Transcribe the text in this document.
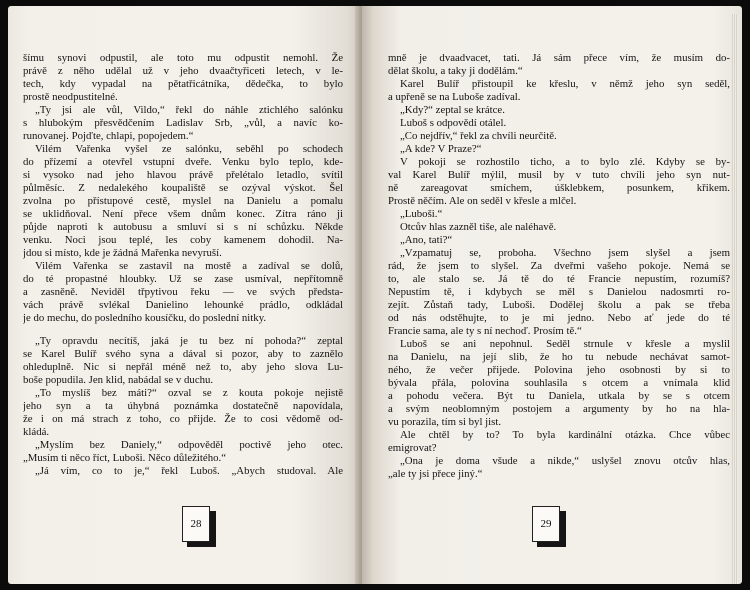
šímu synovi odpustil, ale toto mu odpustit nemohl. Že
právě z něho udělal už v jeho dvaačtyřiceti letech, v le-
tech, kdy vypadal na pětatřicátníka, dědečka, to bylo
prostě neodpustitelné.
„Ty jsi ale vůl, Vildo,“ řekl do náhle ztichlého salónku
s hlubokým přesvědčením Ladislav Srb, „vůl, a navíc ko-
runovanej. Pojďte, chlapi, popojedem.“
Vilém Vařenka vyšel ze salónku, seběhl po schodech
do přízemí a otevřel vstupní dveře. Venku bylo teplo, kde-
si vysoko nad jeho hlavou právě přelétalo letadlo, svítil
půlměsíc. Z nedalekého koupaliště se ozýval výskot. Šel
zvolna po přístupové cestě, myslel na Danielu a pomalu
se uklidňoval. Není přece všem dnům konec. Zítra ráno ji
půjde naproti k autobusu a smluví si s ní schůzku. Někde
venku. Noci jsou teplé, les coby kamenem dohodil. Na-
jdou si místo, kde je žádná Mařenka nevyruší.
Vilém Vařenka se zastavil na mostě a zadíval se dolů,
do té propastné hloubky. Už se zase usmíval, nepřítomně
a zasněně. Neviděl třpytivou řeku — ve svých předsta-
vách právě svlékal Danielino lehounké prádlo, odkládal
je do mechu, do posledního kousíčku, do poslední nitky.
„Ty opravdu necítíš, jaká je tu bez ní pohoda?“ zeptal
se Karel Bulíř svého syna a dával si pozor, aby to zaznělo
ohleduplně. Nic si nepřál méně než to, aby jeho slova Lu-
boše popudila. Jen klid, nabádal se v duchu.
„To myslíš bez máti?“ ozval se z kouta pokoje nejistě
jeho syn a ta úhybná poznámka dostatečně napovídala,
že i on má strach z toho, co přijde. Že to cosi vědomě od-
kládá.
„Myslím bez Daniely,“ odpověděl poctivě jeho otec.
„Musím ti něco říct, Luboši. Něco důležitého.“
„Já vím, co to je,“ řekl Luboš. „Abych studoval. Ale
28
mně je dvaadvacet, tati. Já sám přece vím, že musím do-
dělat školu, a taky ji dodělám.“
Karel Bulíř přistoupil ke křeslu, v němž jeho syn seděl,
a upřeně se na Luboše zadíval.
„Kdy?“ zeptal se krátce.
Luboš s odpovědí otálel.
„Co nejdřív,“ řekl za chvíli neurčitě.
„A kde? V Praze?“
V pokoji se rozhostilo ticho, a to bylo zlé. Kdyby se by-
val Karel Bulíř mýlil, musil by v tuto chvíli jeho syn nut-
ně zareagovat smíchem, úšklebkem, posunkem, křikem.
Prostě něčím. Ale on seděl v křesle a mlčel.
„Luboši.“
Otcův hlas zazněl tiše, ale naléhavě.
„Ano, tati?“
„Vzpamatuj se, proboha. Všechno jsem slyšel a jsem
rád, že jsem to slyšel. Za dveřmi vašeho pokoje. Nemá se
to, ale stalo se. Já tě do té Francie nepustím, rozumíš?
Nepustím tě, i kdybych se měl s Danielou nadosmrti ro-
zejít. Zůstaň tady, Luboši. Dodělej školu a pak se třeba
od nás odstěhujte, to je mi jedno. Nebo ať jede do té
Francie sama, ale ty s ní nechoď. Prosím tě.“
Luboš se ani nepohnul. Seděl strnule v křesle a myslil
na Danielu, na její slib, že ho tu nebude nechávat samot-
ného, že večer přijede. Polovina jeho osobnosti by si to
bývala přála, polovina souhlasila s otcem a vnímala klid
a pohodu večera. Být tu Daniela, utkala by se s otcem
a svým neoblomným postojem a argumenty by ho na hla-
vu porazila, tím si byl jist.
Ale chtěl by to? To byla kardinální otázka. Chce vůbec
emigrovat?
„Ona je doma všude a nikde,“ uslyšel znovu otcův hlas,
„ale ty jsi přece jiný.“
29
